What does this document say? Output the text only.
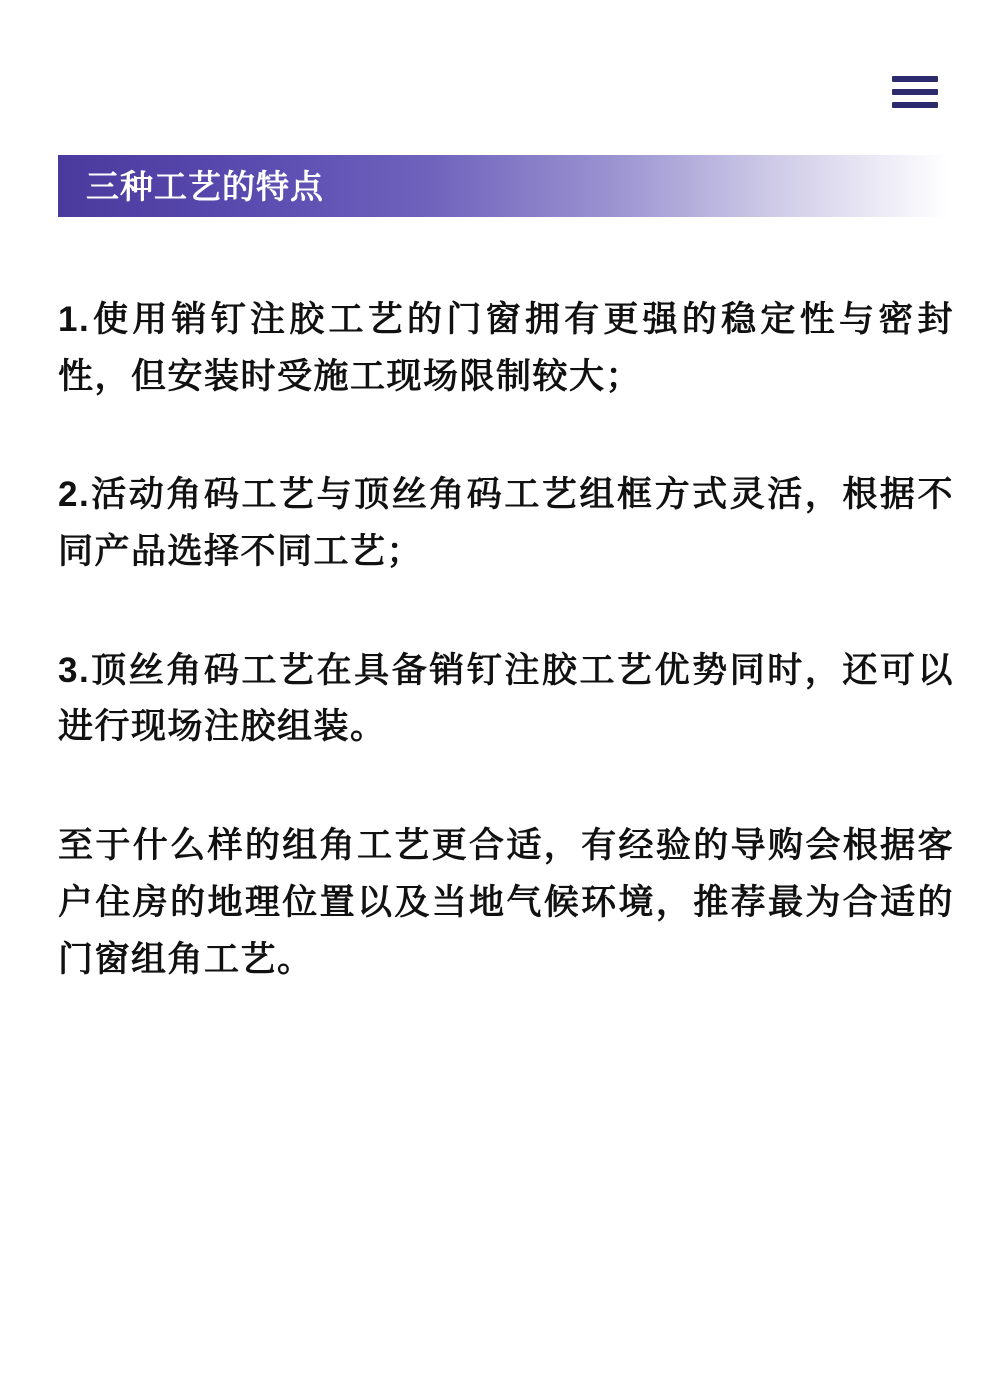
三种工艺的特点

1.使用销钉注胶工艺的门窗拥有更强的稳定性与密封性，但安装时受施工现场限制较大；

2.活动角码工艺与顶丝角码工艺组框方式灵活，根据不同产品选择不同工艺；

3.顶丝角码工艺在具备销钉注胶工艺优势同时，还可以进行现场注胶组装。

至于什么样的组角工艺更合适，有经验的导购会根据客户住房的地理位置以及当地气候环境，推荐最为合适的门窗组角工艺。
